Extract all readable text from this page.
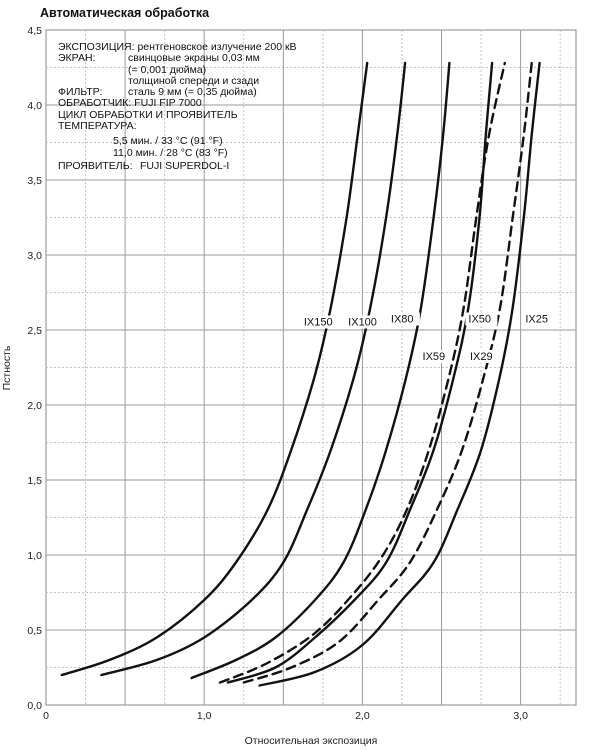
Автоматическая обработка
0,0
0,5
1,0
1,5
2,0
2,5
3,0
3,5
4,0
4,5
0	1,0	2,0	3,0
IX150 IX100 IX80	IX50	IX25
IX59 IX29
Относительная экспозиция
Пстность
ЭКСПОЗИЦИЯ: рентгеновское излучение 200 кВ
ЭКРАН:	свинцовые экраны 0,03 мм
(= 0,001 дюйма)
толщиной спереди и сзади
ФИЛЬТР: сталь 9 мм (= 0,35 дюйма)
ОБРАБОТЧИК: FUJI FIP 7000
ЦИКЛ ОБРАБОТКИ И ПРОЯВИТЕЛЬ
ТЕМПЕРАТУРА:
5,5 мин. / 33 °C (91 °F)
11,0 мин. / 28 °C (83 °F)
ПРОЯВИТЕЛЬ: FUJI SUPERDOL-I
